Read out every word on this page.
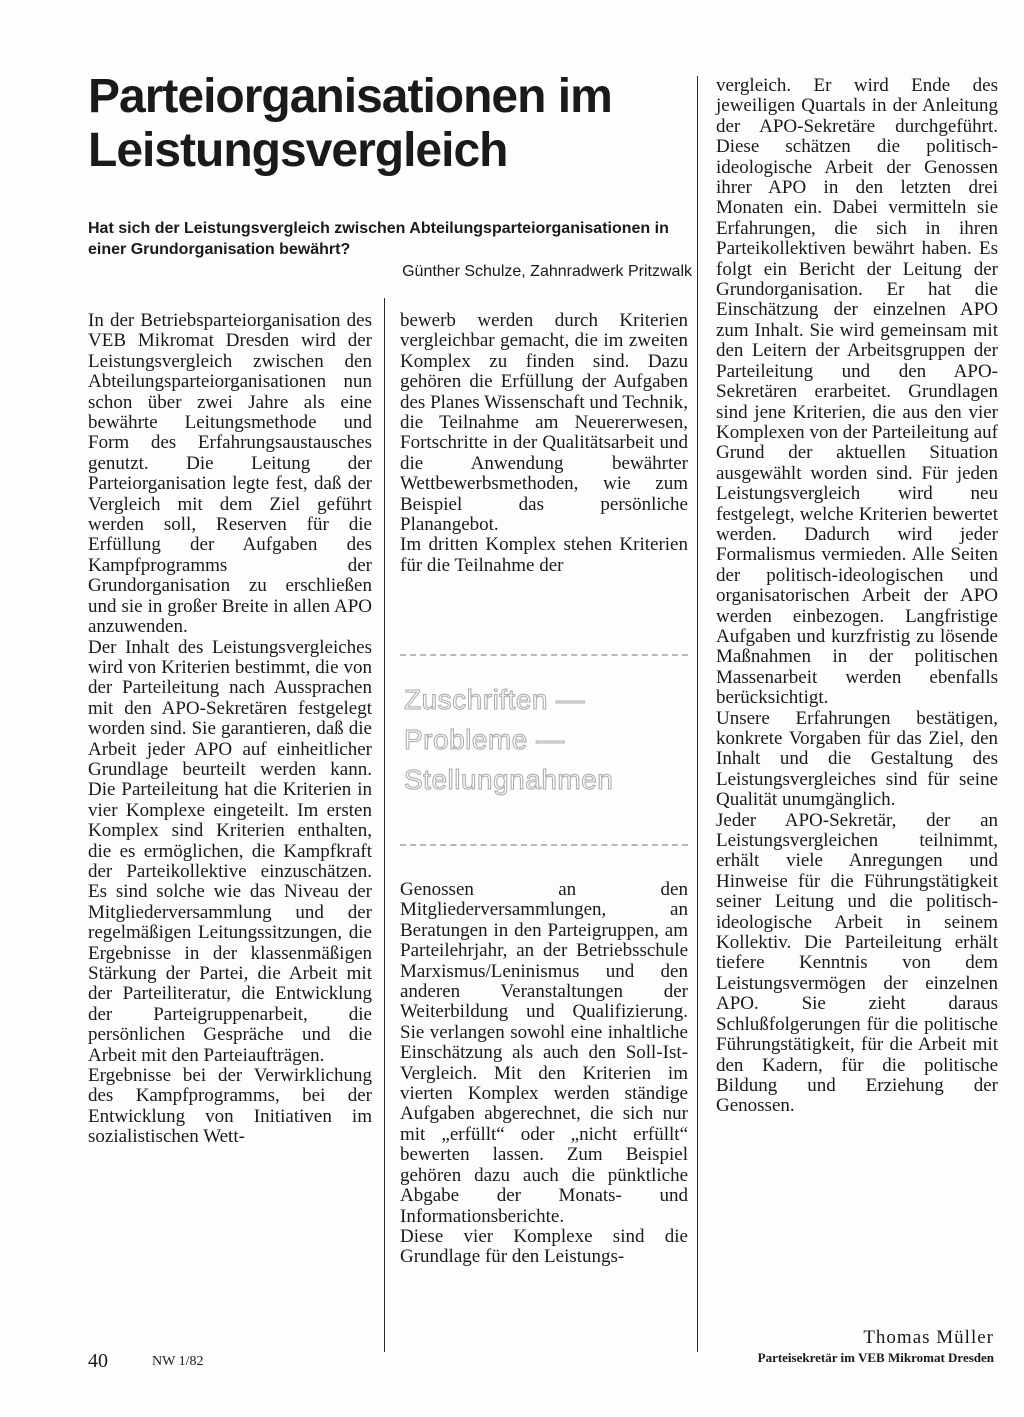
Parteiorganisationen im Leistungsvergleich

Hat sich der Leistungsvergleich zwischen Abteilungsparteiorganisationen in einer Grundorganisation bewährt?

Günther Schulze, Zahnradwerk Pritzwalk

In der Betriebsparteiorganisation des VEB Mikromat Dresden wird der Leistungsvergleich zwischen den Abteilungsparteiorganisationen nun schon über zwei Jahre als eine bewährte Leitungsmethode und Form des Erfahrungsaustausches genutzt. Die Leitung der Parteiorganisation legte fest, daß der Vergleich mit dem Ziel geführt werden soll, Reserven für die Erfüllung der Aufgaben des Kampfprogramms der Grundorganisation zu erschließen und sie in großer Breite in allen APO anzuwenden.

Der Inhalt des Leistungsvergleiches wird von Kriterien bestimmt, die von der Parteileitung nach Aussprachen mit den APO-Sekretären festgelegt worden sind. Sie garantieren, daß die Arbeit jeder APO auf einheitlicher Grundlage beurteilt werden kann. Die Parteileitung hat die Kriterien in vier Komplexe eingeteilt. Im ersten Komplex sind Kriterien enthalten, die es ermöglichen, die Kampfkraft der Parteikollektive einzuschätzen. Es sind solche wie das Niveau der Mitgliederversammlung und der regelmäßigen Leitungssitzungen, die Ergebnisse in der klassenmäßigen Stärkung der Partei, die Arbeit mit der Parteiliteratur, die Entwicklung der Parteigruppenarbeit, die persönlichen Gespräche und die Arbeit mit den Parteiaufträgen.

Ergebnisse bei der Verwirklichung des Kampfprogramms, bei der Entwicklung von Initiativen im sozialistischen Wett-

bewerb werden durch Kriterien vergleichbar gemacht, die im zweiten Komplex zu finden sind. Dazu gehören die Erfüllung der Aufgaben des Planes Wissenschaft und Technik, die Teilnahme am Neuererwesen, Fortschritte in der Qualitätsarbeit und die Anwendung bewährter Wettbewerbsmethoden, wie zum Beispiel das persönliche Planangebot.

Im dritten Komplex stehen Kriterien für die Teilnahme der

Zuschriften —
Probleme —
Stellungnahmen

Genossen an den Mitgliederversammlungen, an Beratungen in den Parteigruppen, am Parteilehrjahr, an der Betriebsschule Marxismus/Leninismus und den anderen Veranstaltungen der Weiterbildung und Qualifizierung. Sie verlangen sowohl eine inhaltliche Einschätzung als auch den Soll-Ist-Vergleich. Mit den Kriterien im vierten Komplex werden ständige Aufgaben abgerechnet, die sich nur mit „erfüllt“ oder „nicht erfüllt“ bewerten lassen. Zum Beispiel gehören dazu auch die pünktliche Abgabe der Monats- und Informationsberichte.

Diese vier Komplexe sind die Grundlage für den Leistungs-

vergleich. Er wird Ende des jeweiligen Quartals in der Anleitung der APO-Sekretäre durchgeführt. Diese schätzen die politisch-ideologische Arbeit der Genossen ihrer APO in den letzten drei Monaten ein. Dabei vermitteln sie Erfahrungen, die sich in ihren Parteikollektiven bewährt haben. Es folgt ein Bericht der Leitung der Grundorganisation. Er hat die Einschätzung der einzelnen APO zum Inhalt. Sie wird gemeinsam mit den Leitern der Arbeitsgruppen der Parteileitung und den APO-Sekretären erarbeitet. Grundlagen sind jene Kriterien, die aus den vier Komplexen von der Parteileitung auf Grund der aktuellen Situation ausgewählt worden sind. Für jeden Leistungsvergleich wird neu festgelegt, welche Kriterien bewertet werden. Dadurch wird jeder Formalismus vermieden. Alle Seiten der politisch-ideologischen und organisatorischen Arbeit der APO werden einbezogen. Langfristige Aufgaben und kurzfristig zu lösende Maßnahmen in der politischen Massenarbeit werden ebenfalls berücksichtigt.

Unsere Erfahrungen bestätigen, konkrete Vorgaben für das Ziel, den Inhalt und die Gestaltung des Leistungsvergleiches sind für seine Qualität unumgänglich.

Jeder APO-Sekretär, der an Leistungsvergleichen teilnimmt, erhält viele Anregungen und Hinweise für die Führungstätigkeit seiner Leitung und die politisch-ideologische Arbeit in seinem Kollektiv. Die Parteileitung erhält tiefere Kenntnis von dem Leistungsvermögen der einzelnen APO. Sie zieht daraus Schlußfolgerungen für die politische Führungstätigkeit, für die Arbeit mit den Kadern, für die politische Bildung und Erziehung der Genossen.

Thomas Müller

Parteisekretär im VEB Mikromat Dresden

40	NW 1/82
